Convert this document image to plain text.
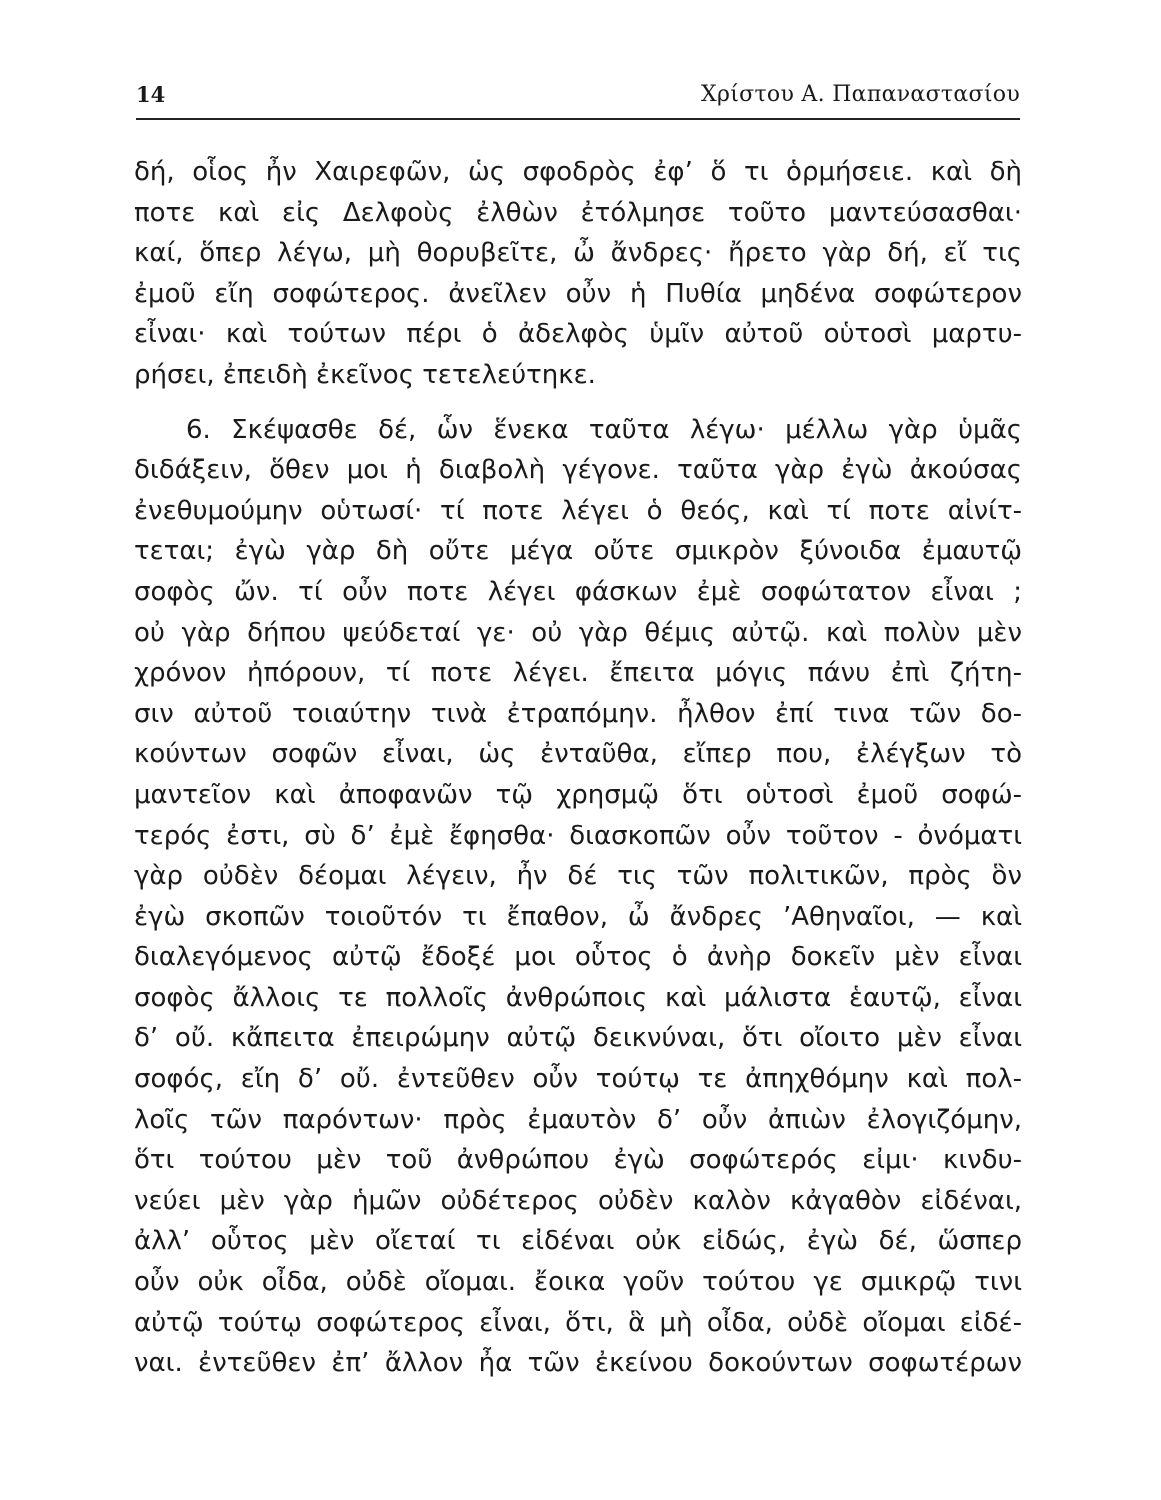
14	Χρίστου Α. Παπαναστασίου
δή, οἷος ἦν Χαιρεφῶν, ὡς σφοδρὸς ἐφ’ ὅ τι ὁρμήσειε. καὶ δὴ
ποτε καὶ εἰς Δελφοὺς ἐλθὼν ἐτόλμησε τοῦτο μαντεύσασθαι·
καί, ὅπερ λέγω, μὴ θορυβεῖτε, ὦ ἄνδρες· ἤρετο γὰρ δή, εἴ τις
ἐμοῦ εἴη σοφώτερος. ἀνεῖλεν οὖν ἡ Πυθία μηδένα σοφώτερον
εἶναι· καὶ τούτων πέρι ὁ ἀδελφὸς ὑμῖν αὐτοῦ οὑτοσὶ μαρτυ-
ρήσει, ἐπειδὴ ἐκεῖνος τετελεύτηκε.
6. Σκέψασθε δέ, ὧν ἕνεκα ταῦτα λέγω· μέλλω γὰρ ὑμᾶς
διδάξειν, ὅθεν μοι ἡ διαβολὴ γέγονε. ταῦτα γὰρ ἐγὼ ἀκούσας
ἐνεθυμούμην οὑτωσί· τί ποτε λέγει ὁ θεός, καὶ τί ποτε αἰνίτ-
τεται; ἐγὼ γὰρ δὴ οὔτε μέγα οὔτε σμικρὸν ξύνοιδα ἐμαυτῷ
σοφὸς ὤν. τί οὖν ποτε λέγει φάσκων ἐμὲ σοφώτατον εἶναι ;
οὐ γὰρ δήπου ψεύδεταί γε· οὐ γὰρ θέμις αὐτῷ. καὶ πολὺν μὲν
χρόνον ἠπόρουν, τί ποτε λέγει. ἔπειτα μόγις πάνυ ἐπὶ ζήτη-
σιν αὐτοῦ τοιαύτην τινὰ ἐτραπόμην. ἦλθον ἐπί τινα τῶν δο-
κούντων σοφῶν εἶναι, ὡς ἐνταῦθα, εἴπερ που, ἐλέγξων τὸ
μαντεῖον καὶ ἀποφανῶν τῷ χρησμῷ ὅτι οὑτοσὶ ἐμοῦ σοφώ-
τερός ἐστι, σὺ δ’ ἐμὲ ἔφησθα· διασκοπῶν οὖν τοῦτον - ὀνόματι
γὰρ οὐδὲν δέομαι λέγειν, ἦν δέ τις τῶν πολιτικῶν, πρὸς ὃν
ἐγὼ σκοπῶν τοιοῦτόν τι ἔπαθον, ὦ ἄνδρες ’Αθηναῖοι, — καὶ
διαλεγόμενος αὐτῷ ἔδοξέ μοι οὗτος ὁ ἀνὴρ δοκεῖν μὲν εἶναι
σοφὸς ἄλλοις τε πολλοῖς ἀνθρώποις καὶ μάλιστα ἑαυτῷ, εἶναι
δ’ οὔ. κἄπειτα ἐπειρώμην αὐτῷ δεικνύναι, ὅτι οἴοιτο μὲν εἶναι
σοφός, εἴη δ’ οὔ. ἐντεῦθεν οὖν τούτῳ τε ἀπηχθόμην καὶ πολ-
λοῖς τῶν παρόντων· πρὸς ἐμαυτὸν δ’ οὖν ἀπιὼν ἐλογιζόμην,
ὅτι τούτου μὲν τοῦ ἀνθρώπου ἐγὼ σοφώτερός εἰμι· κινδυ-
νεύει μὲν γὰρ ἡμῶν οὐδέτερος οὐδὲν καλὸν κἀγαθὸν εἰδέναι,
ἀλλ’ οὗτος μὲν οἴεταί τι εἰδέναι οὐκ εἰδώς, ἐγὼ δέ, ὥσπερ
οὖν οὐκ οἶδα, οὐδὲ οἴομαι. ἔοικα γοῦν τούτου γε σμικρῷ τινι
αὐτῷ τούτῳ σοφώτερος εἶναι, ὅτι, ἃ μὴ οἶδα, οὐδὲ οἴομαι εἰδέ-
ναι. ἐντεῦθεν ἐπ’ ἄλλον ἦα τῶν ἐκείνου δοκούντων σοφωτέρων
